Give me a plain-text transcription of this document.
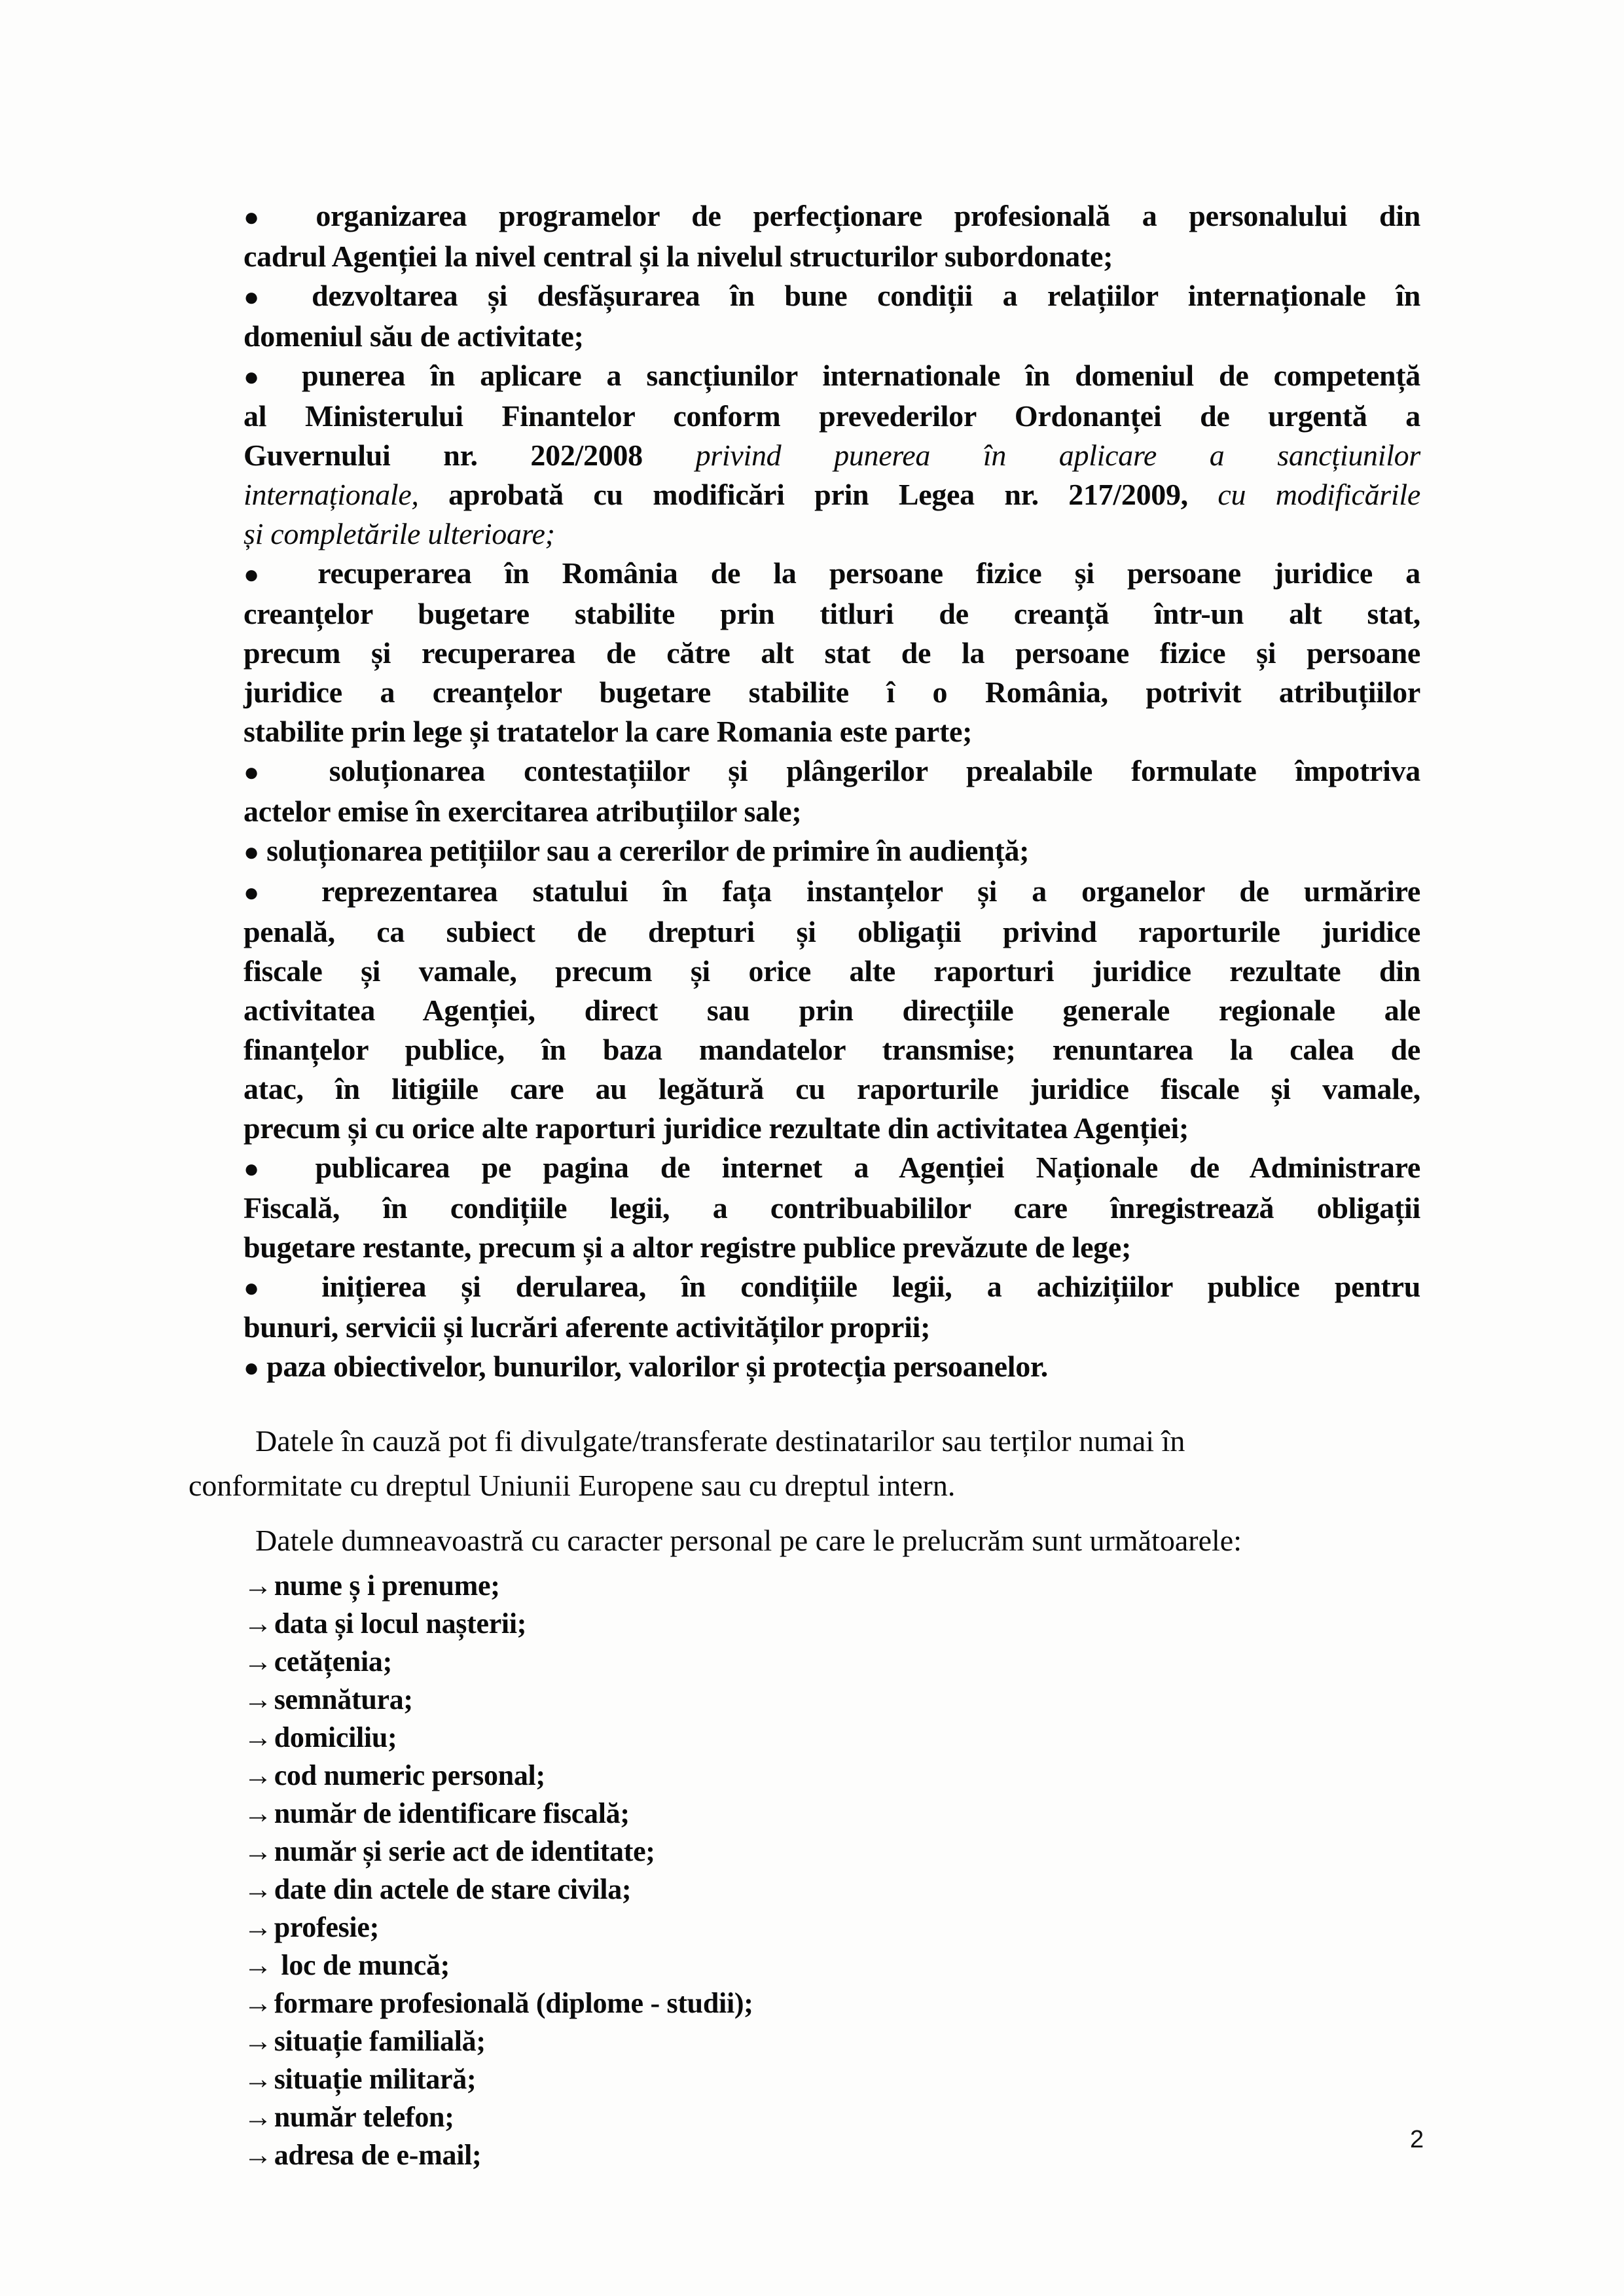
● organizarea programelor de perfecționare profesională a personalului din
cadrul Agenției la nivel central și la nivelul structurilor subordonate;
● dezvoltarea și desfășurarea în bune condiții a relațiilor internaționale în
domeniul său de activitate;
● punerea în aplicare a sancțiunilor internationale în domeniul de competență
al Ministerului Finantelor conform prevederilor Ordonanței de urgentă a
Guvernului nr. 202/2008 privind punerea în aplicare a sancțiunilor
internaționale, aprobată cu modificări prin Legea nr. 217/2009, cu modificările
și completările ulterioare;
● recuperarea în România de la persoane fizice și persoane juridice a
creanțelor bugetare stabilite prin titluri de creanță într-un alt stat,
precum și recuperarea de către alt stat de la persoane fizice și persoane
juridice a creanțelor bugetare stabilite î o România, potrivit atribuțiilor
stabilite prin lege și tratatelor la care Romania este parte;
● soluționarea contestațiilor și plângerilor prealabile formulate împotriva
actelor emise în exercitarea atribuțiilor sale;
● soluționarea petițiilor sau a cererilor de primire în audiență;
● reprezentarea statului în fața instanțelor și a organelor de urmărire
penală, ca subiect de drepturi și obligații privind raporturile juridice
fiscale și vamale, precum și orice alte raporturi juridice rezultate din
activitatea Agenției, direct sau prin direcțiile generale regionale ale
finanțelor publice, în baza mandatelor transmise; renuntarea la calea de
atac, în litigiile care au legătură cu raporturile juridice fiscale și vamale,
precum și cu orice alte raporturi juridice rezultate din activitatea Agenției;
● publicarea pe pagina de internet a Agenției Naționale de Administrare
Fiscală, în condițiile legii, a contribuabililor care înregistrează obligații
bugetare restante, precum și a altor registre publice prevăzute de lege;
● inițierea și derularea, în condițiile legii, a achizițiilor publice pentru
bunuri, servicii și lucrări aferente activităților proprii;
● paza obiectivelor, bunurilor, valorilor și protecția persoanelor.
Datele în cauză pot fi divulgate/transferate destinatarilor sau terților numai în
conformitate cu dreptul Uniunii Europene sau cu dreptul intern.
Datele dumneavoastră cu caracter personal pe care le prelucrăm sunt următoarele:
→nume ș i prenume;
→data și locul nașterii;
→cetățenia;
→semnătura;
→domiciliu;
→cod numeric personal;
→număr de identificare fiscală;
→număr și serie act de identitate;
→date din actele de stare civila;
→profesie;
→ loc de muncă;
→formare profesională (diplome - studii);
→situație familială;
→situație militară;
→număr telefon;
→adresa de e-mail;	2
